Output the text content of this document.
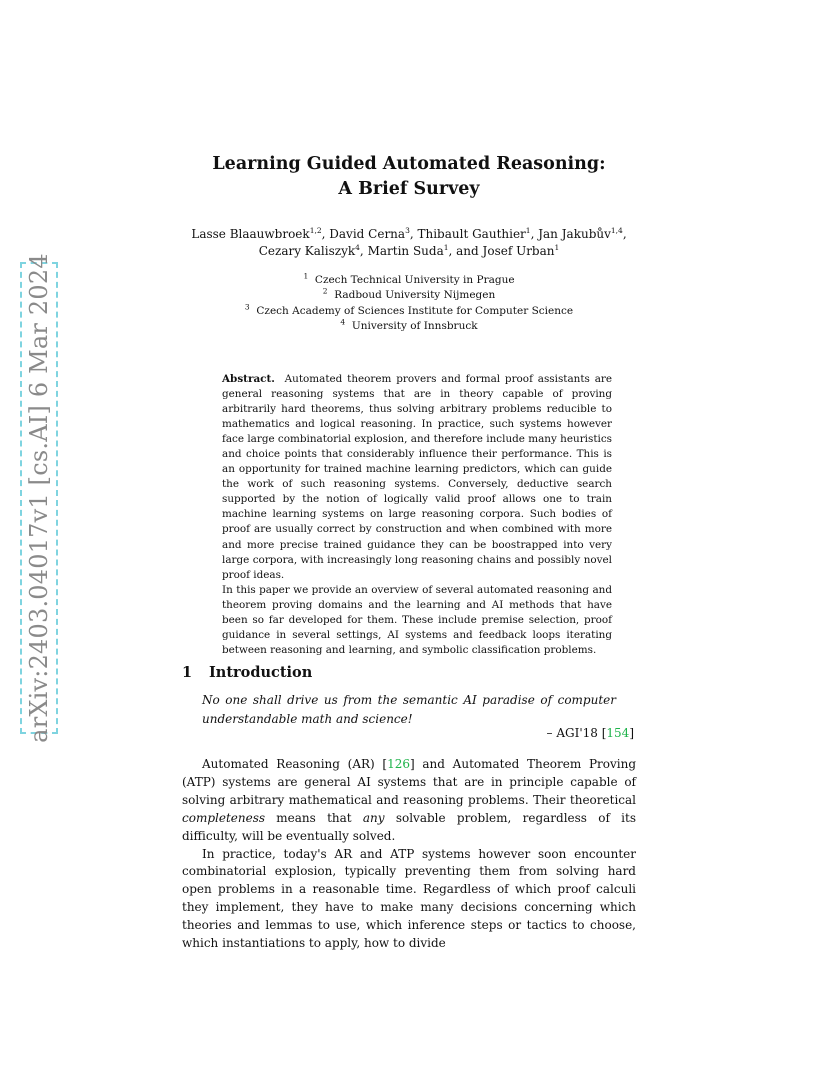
arXiv:2403.04017v1 [cs.AI] 6 Mar 2024
Learning Guided Automated Reasoning:
A Brief Survey
Lasse Blaauwbroek$^{1,2}$, David Cerna$^3$, Thibault Gauthier$^1$, Jan Jakubův$^{1,4}$,
Cezary Kaliszyk$^4$, Martin Suda$^1$, and Josef Urban$^1$
$^1$ Czech Technical University in Prague
$^2$ Radboud University Nijmegen
$^3$ Czech Academy of Sciences Institute for Computer Science
$^4$ University of Innsbruck

Abstract. Automated theorem provers and formal proof assistants are general reasoning systems that are in theory capable of proving arbitrarily hard theorems, thus solving arbitrary problems reducible to mathematics and logical reasoning. In practice, such systems however face large combinatorial explosion, and therefore include many heuristics and choice points that considerably influence their performance. This is an opportunity for trained machine learning predictors, which can guide the work of such reasoning systems. Conversely, deductive search supported by the notion of logically valid proof allows one to train machine learning systems on large reasoning corpora. Such bodies of proof are usually correct by construction and when combined with more and more precise trained guidance they can be boostrapped into very large corpora, with increasingly long reasoning chains and possibly novel proof ideas.

In this paper we provide an overview of several automated reasoning and theorem proving domains and the learning and AI methods that have been so far developed for them. These include premise selection, proof guidance in several settings, AI systems and feedback loops iterating between reasoning and learning, and symbolic classification problems.

1 Introduction
No one shall drive us from the semantic AI paradise of computer understandable math and science!
– AGI'18 [154]

Automated Reasoning (AR) [126] and Automated Theorem Proving (ATP) systems are general AI systems that are in principle capable of solving arbitrary mathematical and reasoning problems. Their theoretical completeness means that any solvable problem, regardless of its difficulty, will be eventually solved.

In practice, today's AR and ATP systems however soon encounter combinatorial explosion, typically preventing them from solving hard open problems in a reasonable time. Regardless of which proof calculi they implement, they have to make many decisions concerning which theories and lemmas to use, which inference steps or tactics to choose, which instantiations to apply, how to divide
